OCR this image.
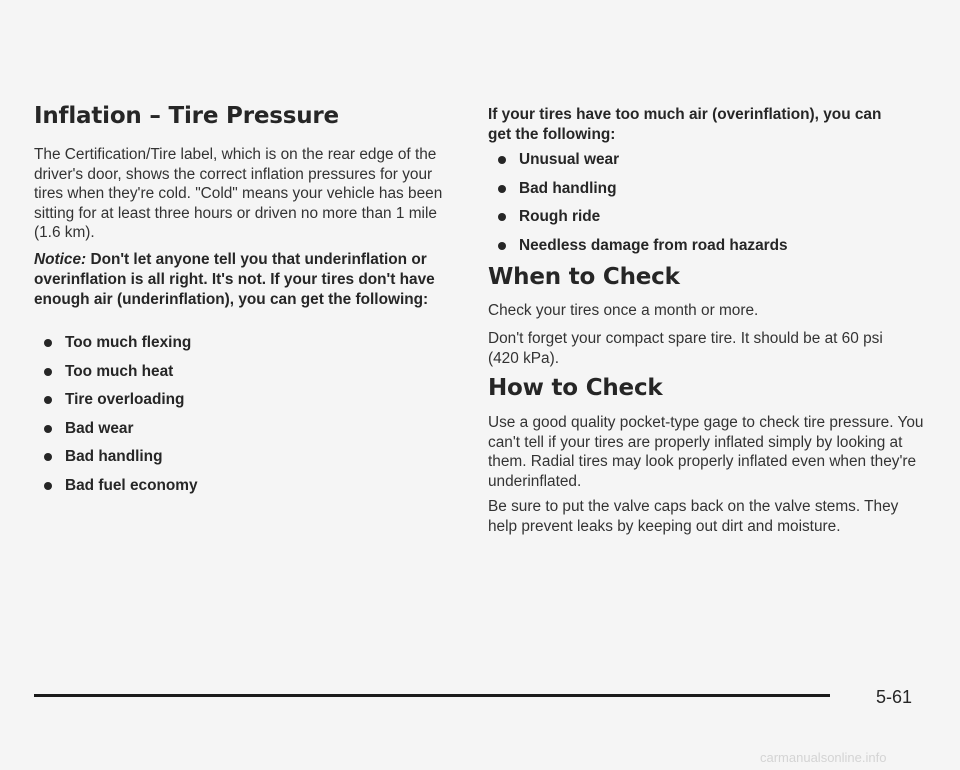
Inflation – Tire Pressure

The Certification/Tire label, which is on the rear edge of the driver's door, shows the correct inflation pressures for your tires when they're cold. "Cold" means your vehicle has been sitting for at least three hours or driven no more than 1 mile (1.6 km).

Notice: Don't let anyone tell you that underinflation or overinflation is all right. It's not. If your tires don't have enough air (underinflation), you can get the following:

Too much flexing
Too much heat
Tire overloading
Bad wear
Bad handling
Bad fuel economy

If your tires have too much air (overinflation), you can get the following:

Unusual wear
Bad handling
Rough ride
Needless damage from road hazards
When to Check

Check your tires once a month or more.

Don't forget your compact spare tire. It should be at 60 psi (420 kPa).

How to Check

Use a good quality pocket-type gage to check tire pressure. You can't tell if your tires are properly inflated simply by looking at them. Radial tires may look properly inflated even when they're underinflated.

Be sure to put the valve caps back on the valve stems. They help prevent leaks by keeping out dirt and moisture.

5-61
carmanualsonline.info
